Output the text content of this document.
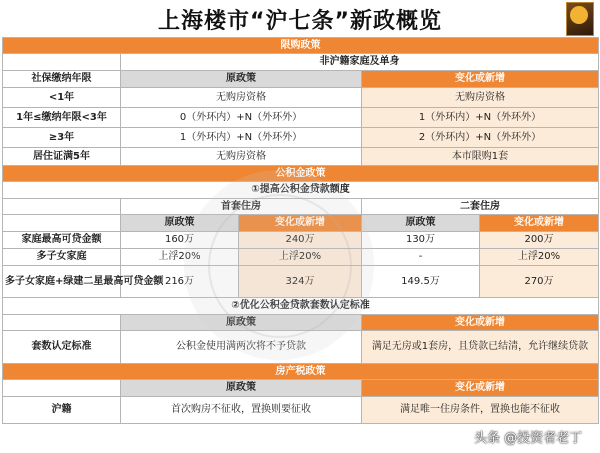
上海楼市“沪七条”新政概览
限购政策				
	非沪籍家庭及单身			
社保缴纳年限	原政策		变化或新增	
<1年	无购房资格		无购房资格	
1年≤缴纳年限<3年	0（外环内）+N（外环外）		1（外环内）+N（外环外）	
≥3年	1（外环内）+N（外环外）		2（外环内）+N（外环外）	
居住证满5年	无购房资格		本市限购1套	
公积金政策				
①提高公积金贷款额度				
	首套住房		二套住房	
	原政策	变化或新增	原政策	变化或新增
家庭最高可贷金额	160万	240万	130万	200万
多子女家庭	上浮20%	上浮20%	-	上浮20%
多子女家庭+绿建二星最高可贷金额	216万	324万	149.5万	270万
②优化公积金贷款套数认定标准				
	原政策		变化或新增	
套数认定标准	公积金使用满两次将不予贷款		满足无房或1套房，且贷款已结清，允许继续贷款	
房产税政策				
	原政策		变化或新增	
沪籍	首次购房不征收，置换则要征收		满足唯一住房条件，置换也能不征收	
头条 @投资者老丁
